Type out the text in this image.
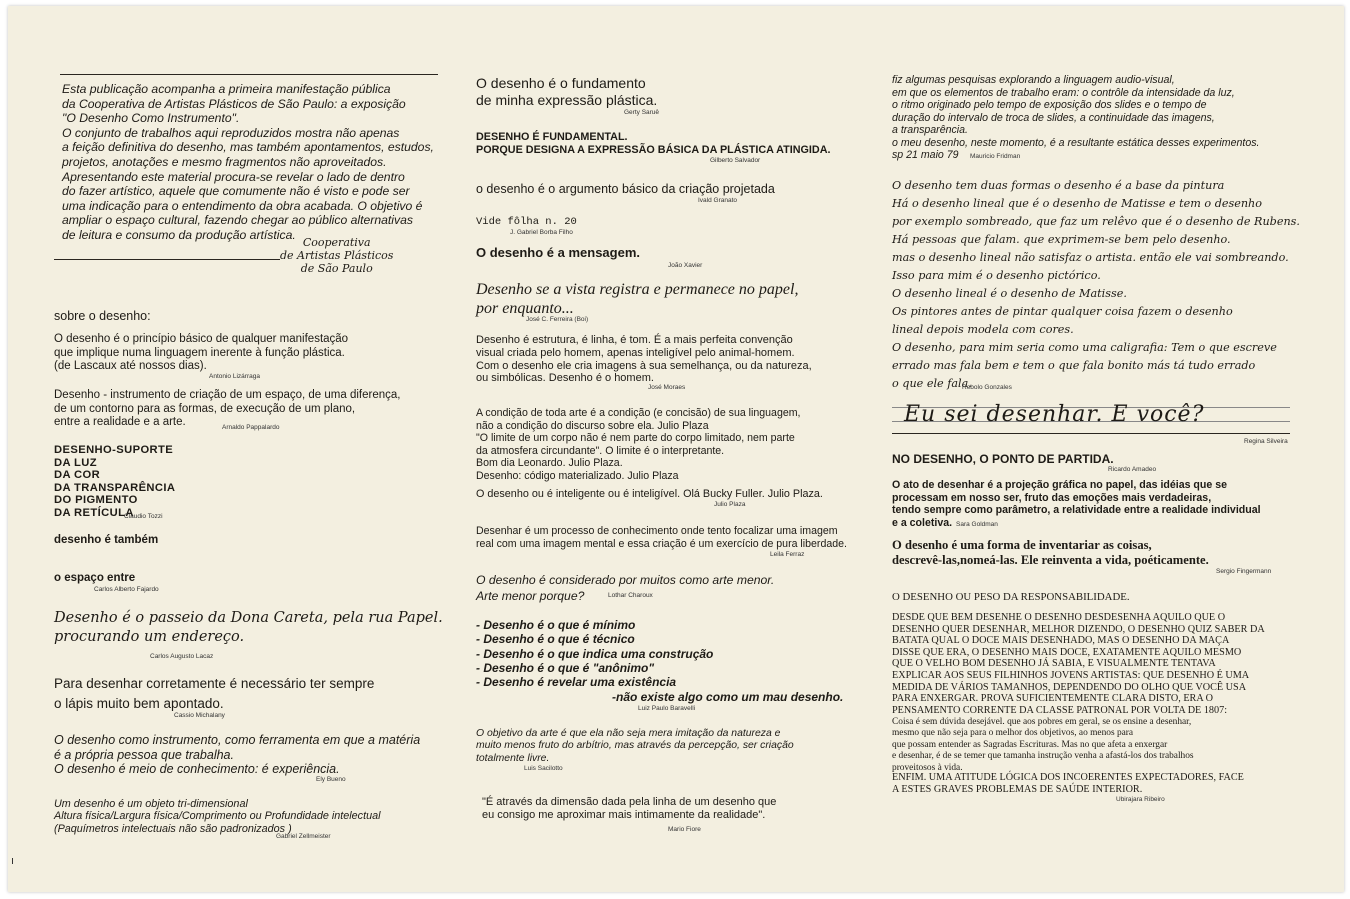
Esta publicação acompanha a primeira manifestação pública
da Cooperativa de Artistas Plásticos de São Paulo: a exposição
"O Desenho Como Instrumento".
O conjunto de trabalhos aqui reproduzidos mostra não apenas
a feição definitiva do desenho, mas também apontamentos, estudos,
projetos, anotações e mesmo fragmentos não aproveitados.
Apresentando este material procura-se revelar o lado de dentro
do fazer artístico, aquele que comumente não é visto e pode ser
uma indicação para o entendimento da obra acabada. O objetivo é
ampliar o espaço cultural, fazendo chegar ao público alternativas
de leitura e consumo da produção artística.
Cooperativa
de Artistas Plásticos
de São Paulo
sobre o desenho:
O desenho é o princípio básico de qualquer manifestação
que implique numa linguagem inerente à função plástica.
(de Lascaux até nossos dias).
Antonio Lizárraga
Desenho - instrumento de criação de um espaço, de uma diferença,
de um contorno para as formas, de execução de um plano,
entre a realidade e a arte.	Arnaldo Pappalardo
DESENHO-SUPORTE
DA LUZ
DA COR
DA TRANSPARÊNCIA
DO PIGMENTO
DA RETÍCULA
Claudio Tozzi
desenho é também
o espaço entre
Carlos Alberto Fajardo
Desenho é o passeio da Dona Careta, pela rua Papel.
procurando um endereço.
Carlos Augusto Lacaz
Para desenhar corretamente é necessário ter sempre
o lápis muito bem apontado.
Cassio Michalany
O desenho como instrumento, como ferramenta em que a matéria
é a própria pessoa que trabalha.
O desenho é meio de conhecimento: é experiência.
Ely Bueno
Um desenho é um objeto tri-dimensional
Altura física/Largura física/Comprimento ou Profundidade intelectual
(Paquímetros intelectuais não são padronizados )
Gabriel Zellmeister
O desenho é o fundamento
de minha expressão plástica.
Gerty Saruê
DESENHO É FUNDAMENTAL.
PORQUE DESIGNA A EXPRESSÃO BÁSICA DA PLÁSTICA ATINGIDA.
Gilberto Salvador
o desenho é o argumento básico da criação projetada
Ivald Granato
Vide fôlha n. 20
J. Gabriel Borba Filho
O desenho é a mensagem.
João Xavier
Desenho se a vista registra e permanece no papel,
por enquanto...
José C. Ferreira (Boi)
Desenho é estrutura, é linha, é tom. É a mais perfeita convenção
visual criada pelo homem, apenas inteligível pelo animal-homem.
Com o desenho ele cria imagens à sua semelhança, ou da natureza,
ou simbólicas. Desenho é o homem.
José Moraes
A condição de toda arte é a condição (e concisão) de sua linguagem,
não a condição do discurso sobre ela. Julio Plaza
"O limite de um corpo não é nem parte do corpo limitado, nem parte
da atmosfera circundante". O limite é o interpretante.
Bom dia Leonardo. Julio Plaza.
Desenho: código materializado. Julio Plaza
O desenho ou é inteligente ou é inteligível. Olá Bucky Fuller. Julio Plaza.
Julio Plaza
Desenhar é um processo de conhecimento onde tento focalizar uma imagem
real com uma imagem mental e essa criação é um exercício de pura liberdade.
Leila Ferraz
O desenho é considerado por muitos como arte menor.
Arte menor porque?	Lothar Charoux
- Desenho é o que é mínimo
- Desenho é o que é técnico
- Desenho é o que indica uma construção
- Desenho é o que é "anônimo"
- Desenho é revelar uma existência
-não existe algo como um mau desenho.
Luiz Paulo Baravelli
O objetivo da arte é que ela não seja mera imitação da natureza e
muito menos fruto do arbítrio, mas através da percepção, ser criação
totalmente livre.
Luis Sacilotto
"É através da dimensão dada pela linha de um desenho que
eu consigo me aproximar mais intimamente da realidade".
Mario Fiore
fiz algumas pesquisas explorando a linguagem audio-visual,
em que os elementos de trabalho eram: o contrôle da intensidade da luz,
o ritmo originado pelo tempo de exposição dos slides e o tempo de
duração do intervalo de troca de slides, a continuidade das imagens,
a transparência.
o meu desenho, neste momento, é a resultante estática desses experimentos.
sp 21 maio 79 Mauricio Fridman
O desenho tem duas formas o desenho é a base da pintura
Há o desenho lineal que é o desenho de Matisse e tem o desenho
por exemplo sombreado, que faz um relêvo que é o desenho de Rubens.
Há pessoas que falam. que exprimem-se bem pelo desenho.
mas o desenho lineal não satisfaz o artista. então ele vai sombreando.
Isso para mim é o desenho pictórico.
O desenho lineal é o desenho de Matisse.
Os pintores antes de pintar qualquer coisa fazem o desenho
lineal depois modela com cores.
O desenho, para mim seria como uma caligrafia: Tem o que escreve
errado mas fala bem e tem o que fala bonito más tá tudo errado
o que ele fala.
Rebolo Gonzales
Eu sei desenhar. E você?
Regina Silveira
NO DESENHO, O PONTO DE PARTIDA.
Ricardo Amadeo
O ato de desenhar é a projeção gráfica no papel, das idéias que se
processam em nosso ser, fruto das emoções mais verdadeiras,
tendo sempre como parâmetro, a relatividade entre a realidade individual
e a coletiva. Sara Goldman
O desenho é uma forma de inventariar as coisas,
descrevê-las,nomeá-las. Ele reinventa a vida, poéticamente.
Sergio Fingermann
O DESENHO OU PESO DA RESPONSABILIDADE.
DESDE QUE BEM DESENHE O DESENHO DESDESENHA AQUILO QUE O
DESENHO QUER DESENHAR, MELHOR DIZENDO, O DESENHO QUIZ SABER DA
BATATA QUAL O DOCE MAIS DESENHADO, MAS O DESENHO DA MAÇA
DISSE QUE ERA, O DESENHO MAIS DOCE, EXATAMENTE AQUILO MESMO
QUE O VELHO BOM DESENHO JÁ SABIA, E VISUALMENTE TENTAVA
EXPLICAR AOS SEUS FILHINHOS JOVENS ARTISTAS: QUE DESENHO É UMA
MEDIDA DE VÁRIOS TAMANHOS, DEPENDENDO DO OLHO QUE VOCÊ USA
PARA ENXERGAR. PROVA SUFICIENTEMENTE CLARA DISTO, ERA O
PENSAMENTO CORRENTE DA CLASSE PATRONAL POR VOLTA DE 1807:
Coisa é sem dúvida desejável. que aos pobres em geral, se os ensine a desenhar,
mesmo que não seja para o melhor dos objetivos, ao menos para
que possam entender as Sagradas Escrituras. Mas no que afeta a enxergar
e desenhar, é de se temer que tamanha instrução venha a afastá-los dos trabalhos
proveitosos à vida.
ENFIM. UMA ATITUDE LÓGICA DOS INCOERENTES EXPECTADORES, FACE
A ESTES GRAVES PROBLEMAS DE SAÚDE INTERIOR.
Ubirajara Ribeiro
